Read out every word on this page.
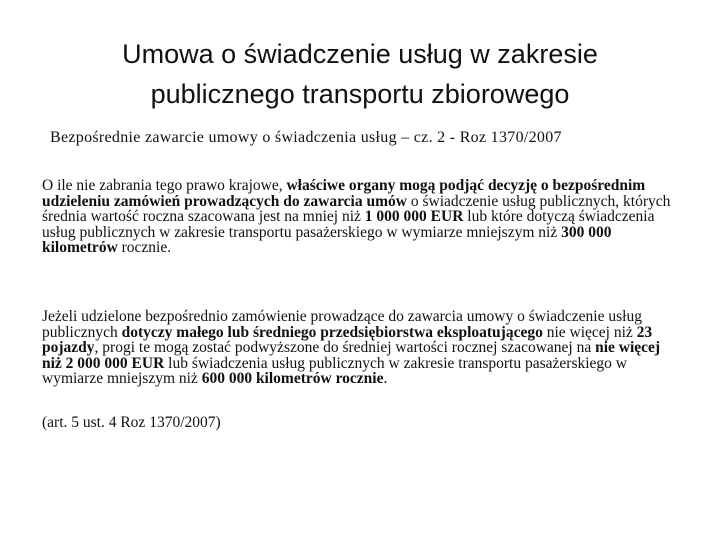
Umowa o świadczenie usług w zakresie
publicznego transportu zbiorowego

Bezpośrednie zawarcie umowy o świadczenia usług – cz. 2 - Roz 1370/2007

O ile nie zabrania tego prawo krajowe, właściwe organy mogą podjąć decyzję o bezpośrednim udzieleniu zamówień prowadzących do zawarcia umów o świadczenie usług publicznych, których średnia wartość roczna szacowana jest na mniej niż 1 000 000 EUR lub które dotyczą świadczenia usług publicznych w zakresie transportu pasażerskiego w wymiarze mniejszym niż 300 000 kilometrów rocznie.

Jeżeli udzielone bezpośrednio zamówienie prowadzące do zawarcia umowy o świadczenie usług publicznych dotyczy małego lub średniego przedsiębiorstwa eksploatującego nie więcej niż 23 pojazdy, progi te mogą zostać podwyższone do średniej wartości rocznej szacowanej na nie więcej niż 2 000 000 EUR lub świadczenia usług publicznych w zakresie transportu pasażerskiego w wymiarze mniejszym niż 600 000 kilometrów rocznie.

(art. 5 ust. 4 Roz 1370/2007)
